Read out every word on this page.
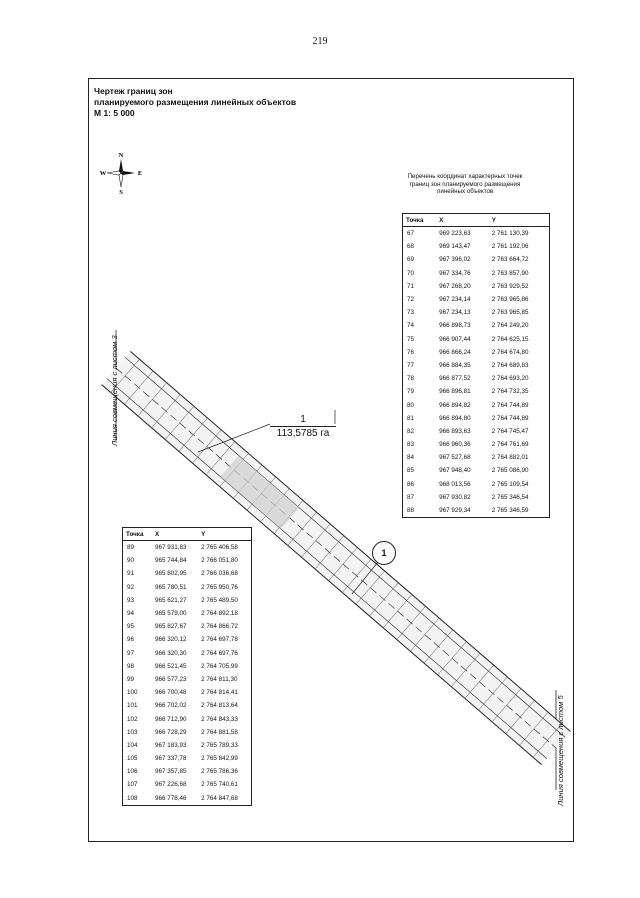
219
Чертеж границ зон
планируемого размещения линейных объектов
М 1: 5 000
N
S
W	E	Перечень координат характерных точек границ зон планируемого размещения линейных объектов
1
113,5785 га
1
Линия совмещения с листом 3
Линия совмещения с листом 5
Точка	X	Y
67	969 223,63	2 761 130,39
68	969 143,47	2 761 192,06
69	967 396,02	2 763 664,72
70	967 334,76	2 763 857,90
71	967 268,20	2 763 929,52
72	967 234,14	2 763 965,86
73	967 234,13	2 763 965,85
74	966 898,73	2 764 249,20
75	966 907,44	2 764 625,15
76	966 866,24	2 764 674,80
77	966 884,35	2 764 689,83
78	966 877,52	2 764 693,20
79	966 896,81	2 764 732,35
80	966 894,82	2 764 744,89
81	966 894,80	2 764 744,89
82	966 893,63	2 764 745,47
83	966 960,36	2 764 761,69
84	967 527,68	2 764 882,01
85	967 948,40	2 765 086,90
86	968 013,56	2 765 109,54
87	967 930,82	2 765 346,54
88	967 929,34	2 765 346,59
Точка	X	Y
89	967 931,83	2 765 406,58
90	965 744,84	2 766 051,80
91	965 802,95	2 766 036,68
92	965 780,51	2 765 950,76
93	965 621,27	2 765 489,50
94	965 579,00	2 764 892,18
95	965 827,67	2 764 866,72
96	966 320,12	2 764 697,78
97	966 320,30	2 764 697,76
98	966 521,45	2 764 705,99
99	966 577,23	2 764 811,30
100	966 700,48	2 764 814,41
101	966 702,02	2 764 813,64
102	966 712,90	2 764 843,33
103	966 728,29	2 764 881,58
104	967 183,93	2 765 789,33
105	967 337,78	2 765 842,99
106	967 357,85	2 765 786,36
107	967 226,68	2 765 740,61
108	966 778,46	2 764 847,68
